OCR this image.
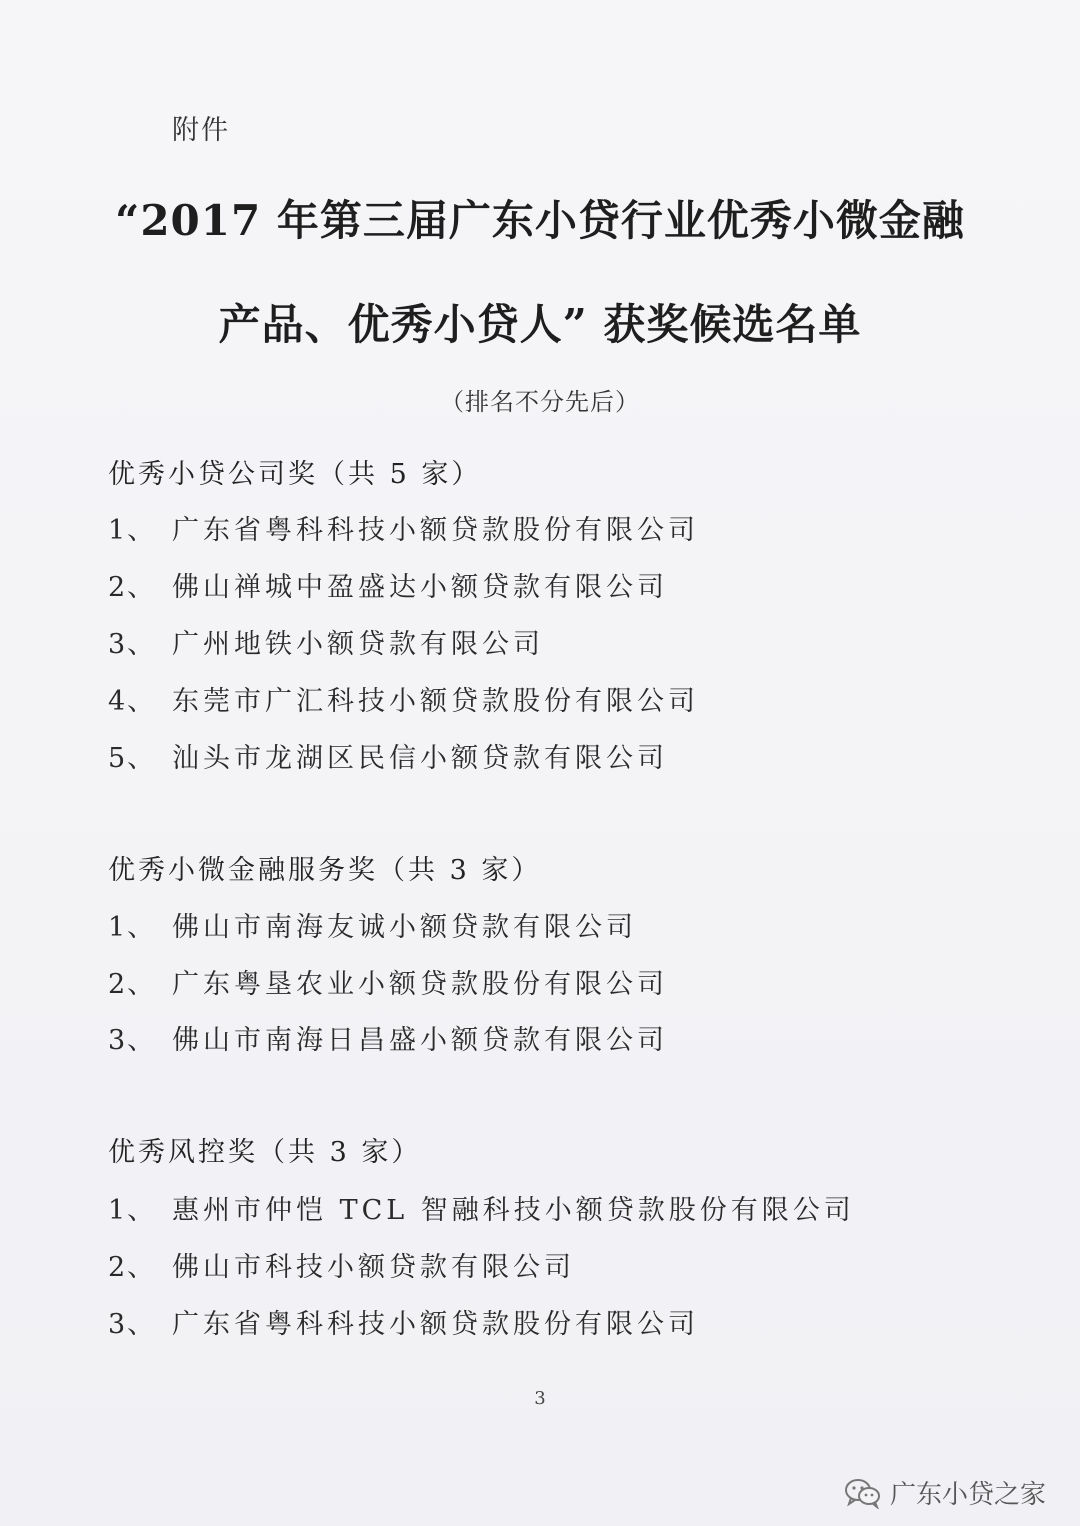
附件
“2017 年第三届广东小贷行业优秀小微金融
产品、优秀小贷人” 获奖候选名单
（排名不分先后）
优秀小贷公司奖（共 5 家）
1、 广东省粤科科技小额贷款股份有限公司
2、 佛山禅城中盈盛达小额贷款有限公司
3、 广州地铁小额贷款有限公司
4、 东莞市广汇科技小额贷款股份有限公司
5、 汕头市龙湖区民信小额贷款有限公司
优秀小微金融服务奖（共 3 家）
1、 佛山市南海友诚小额贷款有限公司
2、 广东粤垦农业小额贷款股份有限公司
3、 佛山市南海日昌盛小额贷款有限公司
优秀风控奖（共 3 家）
1、 惠州市仲恺 TCL 智融科技小额贷款股份有限公司
2、 佛山市科技小额贷款有限公司
3、 广东省粤科科技小额贷款股份有限公司
3
广东小贷之家
